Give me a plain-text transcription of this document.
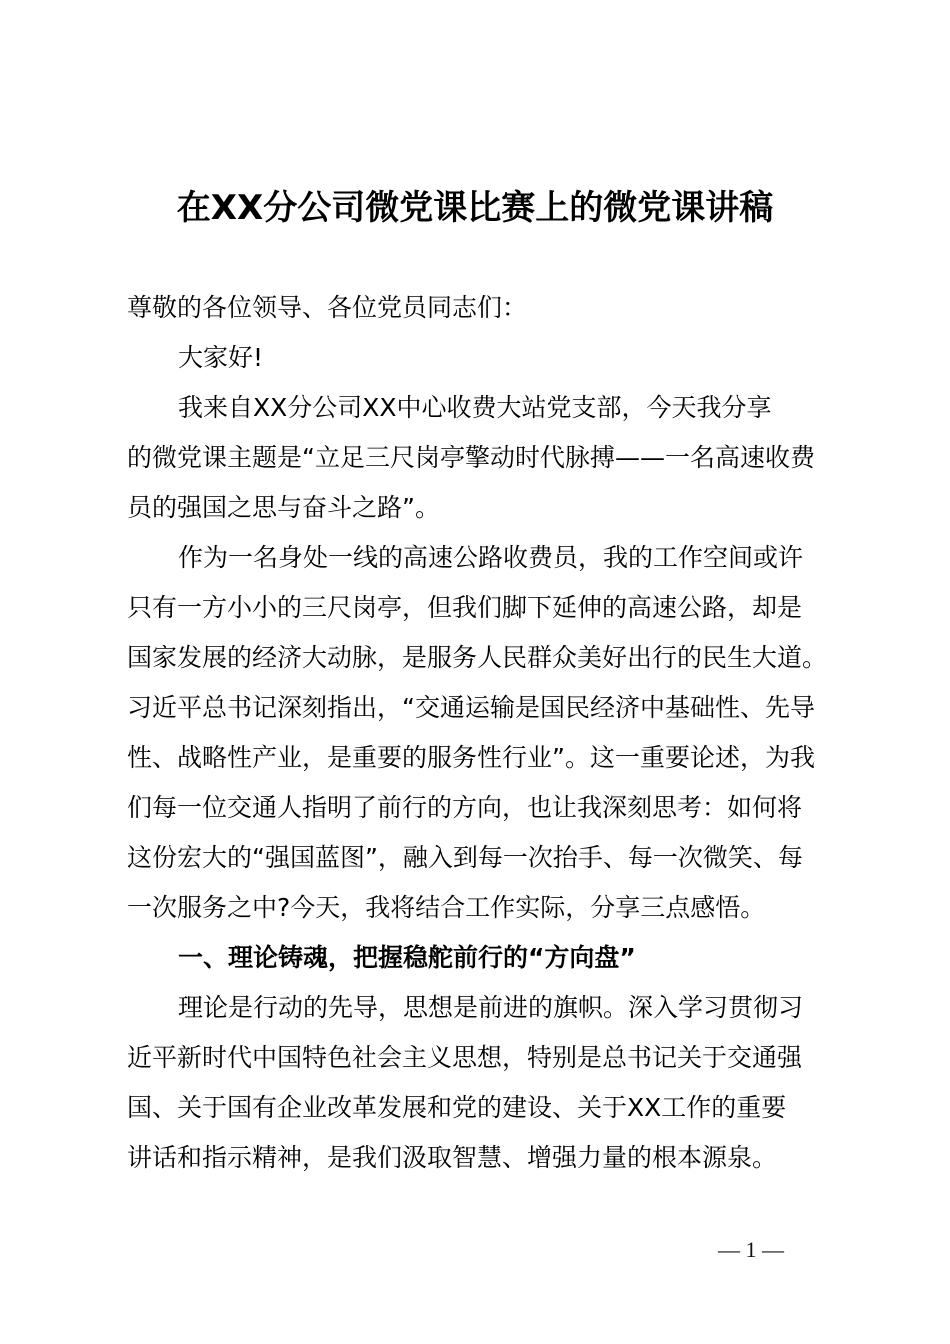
在XX分公司微党课比赛上的微党课讲稿
尊敬的各位领导、各位党员同志们：
大家好!
我来自XX分公司XX中心收费大站党支部，今天我分享
的微党课主题是“立足三尺岗亭擎动时代脉搏——一名高速收费
员的强国之思与奋斗之路”。
作为一名身处一线的高速公路收费员，我的工作空间或许
只有一方小小的三尺岗亭，但我们脚下延伸的高速公路，却是
国家发展的经济大动脉，是服务人民群众美好出行的民生大道。
习近平总书记深刻指出，“交通运输是国民经济中基础性、先导
性、战略性产业，是重要的服务性行业”。这一重要论述，为我
们每一位交通人指明了前行的方向，也让我深刻思考：如何将
这份宏大的“强国蓝图”，融入到每一次抬手、每一次微笑、每
一次服务之中?今天，我将结合工作实际，分享三点感悟。
一、理论铸魂，把握稳舵前行的“方向盘”
理论是行动的先导，思想是前进的旗帜。深入学习贯彻习
近平新时代中国特色社会主义思想，特别是总书记关于交通强
国、关于国有企业改革发展和党的建设、关于XX工作的重要
讲话和指示精神，是我们汲取智慧、增强力量的根本源泉。
— 1 —
